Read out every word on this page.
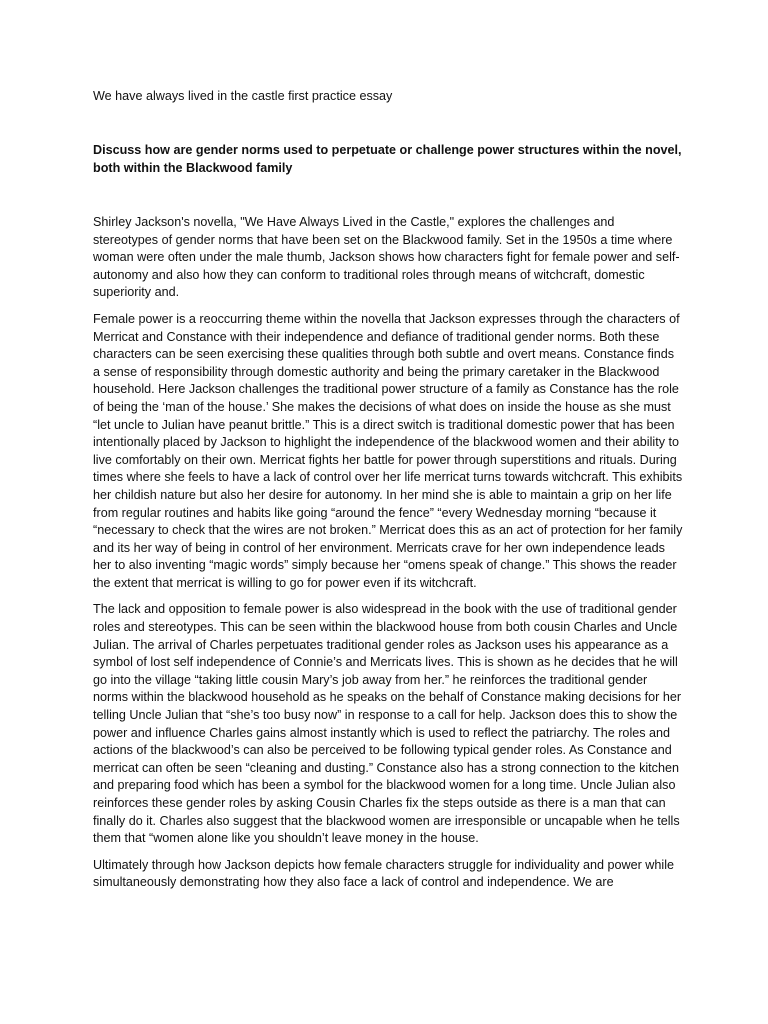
We have always lived in the castle first practice essay

Discuss how are gender norms used to perpetuate or challenge power structures within the novel, both within the Blackwood family

Shirley Jackson's novella, "We Have Always Lived in the Castle," explores the challenges and stereotypes of gender norms that have been set on the Blackwood family. Set in the 1950s a time where woman were often under the male thumb, Jackson shows how characters fight for female power and self-autonomy and also how they can conform to traditional roles through means of witchcraft, domestic superiority and.

Female power is a reoccurring theme within the novella that Jackson expresses through the characters of Merricat and Constance with their independence and defiance of traditional gender norms. Both these characters can be seen exercising these qualities through both subtle and overt means. Constance finds a sense of responsibility through domestic authority and being the primary caretaker in the Blackwood household. Here Jackson challenges the traditional power structure of a family as Constance has the role of being the ‘man of the house.’ She makes the decisions of what does on inside the house as she must “let uncle to Julian have peanut brittle.” This is a direct switch is traditional domestic power that has been intentionally placed by Jackson to highlight the independence of the blackwood women and their ability to live comfortably on their own. Merricat fights her battle for power through superstitions and rituals. During times where she feels to have a lack of control over her life merricat turns towards witchcraft. This exhibits her childish nature but also her desire for autonomy. In her mind she is able to maintain a grip on her life from regular routines and habits like going “around the fence” “every Wednesday morning “because it “necessary to check that the wires are not broken.” Merricat does this as an act of protection for her family and its her way of being in control of her environment. Merricats crave for her own independence leads her to also inventing “magic words” simply because her “omens speak of change.” This shows the reader the extent that merricat is willing to go for power even if its witchcraft.

The lack and opposition to female power is also widespread in the book with the use of traditional gender roles and stereotypes. This can be seen within the blackwood house from both cousin Charles and Uncle Julian. The arrival of Charles perpetuates traditional gender roles as Jackson uses his appearance as a symbol of lost self independence of Connie’s and Merricats lives. This is shown as he decides that he will go into the village “taking little cousin Mary’s job away from her.” he reinforces the traditional gender norms within the blackwood household as he speaks on the behalf of Constance making decisions for her telling Uncle Julian that “she’s too busy now” in response to a call for help. Jackson does this to show the power and influence Charles gains almost instantly which is used to reflect the patriarchy. The roles and actions of the blackwood’s can also be perceived to be following typical gender roles. As Constance and merricat can often be seen “cleaning and dusting.” Constance also has a strong connection to the kitchen and preparing food which has been a symbol for the blackwood women for a long time. Uncle Julian also reinforces these gender roles by asking Cousin Charles fix the steps outside as there is a man that can finally do it. Charles also suggest that the blackwood women are irresponsible or uncapable when he tells them that “women alone like you shouldn’t leave money in the house.

Ultimately through how Jackson depicts how female characters struggle for individuality and power while simultaneously demonstrating how they also face a lack of control and independence. We are
